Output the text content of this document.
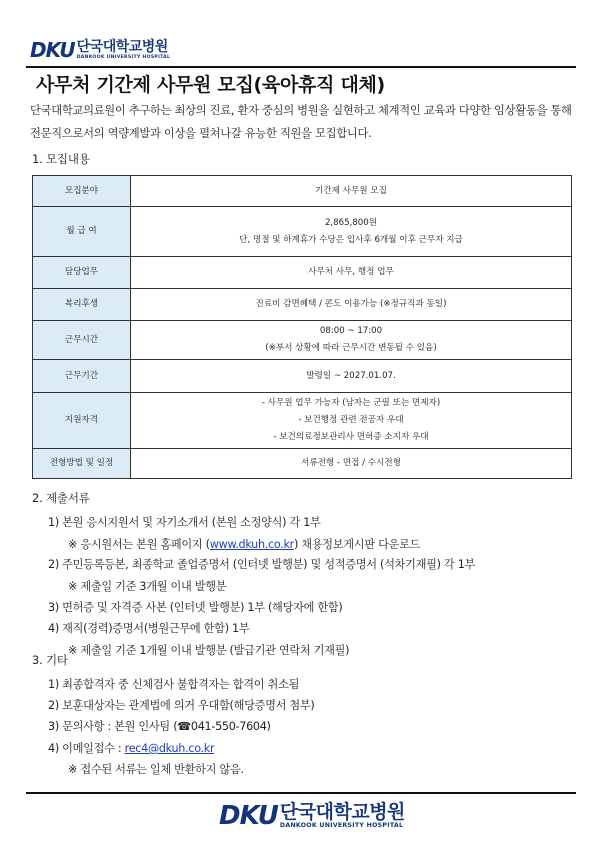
DKU 단국대학교병원
DANKOOK UNIVERSITY HOSPITAL
사무처 기간제 사무원 모집(육아휴직 대체)
단국대학교의료원이 추구하는 최상의 진료, 환자 중심의 병원을 실현하고 체계적인 교육과 다양한 임상활동을 통해 전문직으로서의 역량계발과 이상을 펼쳐나갈 유능한 직원을 모집합니다.
1. 모집내용
모집분야	기간제 사무원 모집

월 급 여	2,865,800원
단, 명절 및 하계휴가 수당은 입사후 6개월 이후 근무자 지급

담당업무	사무처 사무, 행정 업무

복리후생	진료비 감면혜택 / 콘도 이용가능 (※정규직과 동일)

근무시간	08:00 ~ 17:00
(※부서 상황에 따라 근무시간 변동될 수 있음)

근무기간	발령일 ~ 2027.01.07.

지원자격	- 사무원 업무 가능자 (남자는 군필 또는 면제자)
- 보건행정 관련 전공자 우대
- 보건의료정보관리사 면허증 소지자 우대

전형방법 및 일정	서류전형 - 면접 / 수시전형
2. 제출서류
1) 본원 응시지원서 및 자기소개서 (본원 소정양식) 각 1부
※ 응시원서는 본원 홈페이지 (www.dkuh.co.kr) 채용정보게시판 다운로드
2) 주민등록등본, 최종학교 졸업증명서 (인터넷 발행분) 및 성적증명서 (석차기재필) 각 1부
※ 제출일 기준 3개월 이내 발행분
3) 면허증 및 자격증 사본 (인터넷 발행분) 1부 (해당자에 한함)
4) 재직(경력)증명서(병원근무에 한함) 1부
※ 제출일 기준 1개월 이내 발행분 (발급기관 연락처 기재필)
3. 기타
1) 최종합격자 중 신체검사 불합격자는 합격이 취소됨
2) 보훈대상자는 관계법에 의거 우대함(해당증명서 첨부)
3) 문의사항 : 본원 인사팀 (☎041-550-7604)
4) 이메일접수 : rec4@dkuh.co.kr
※ 접수된 서류는 일체 반환하지 않음.
DKU 단국대학교병원
DANKOOK UNIVERSITY HOSPITAL
